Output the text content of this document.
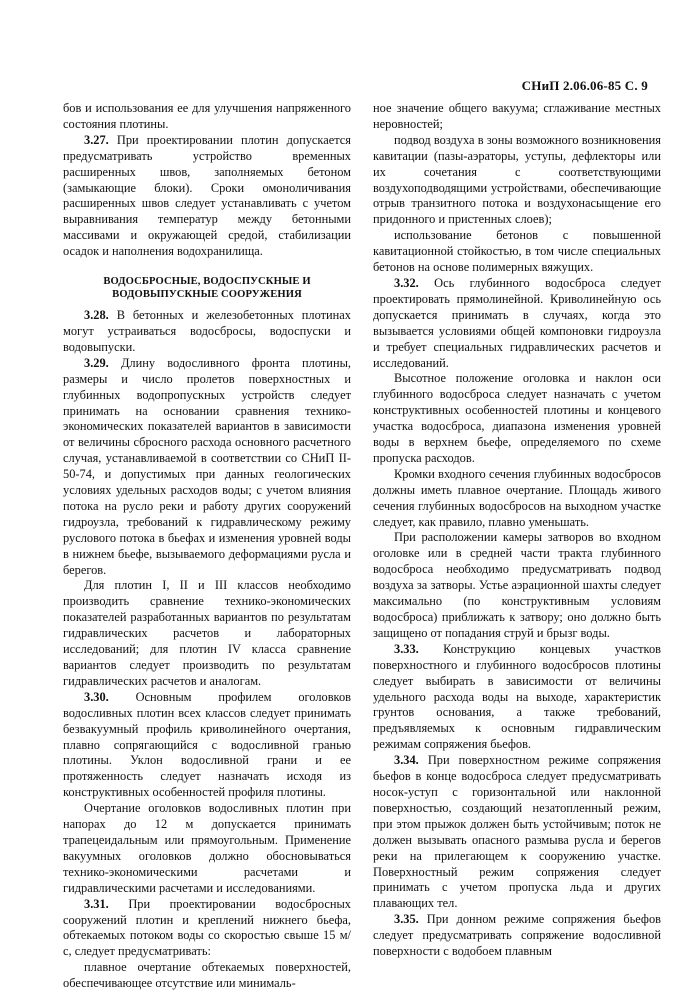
СНиП 2.06.06-85 С. 9

бов и использования ее для улучшения напряженного состояния плотины.

3.27. При проектировании плотин допускается предусматривать устройство временных расширенных швов, заполняемых бетоном (замыкающие блоки). Сроки омоноличивания расширенных швов следует устанавливать с учетом выравнивания температур между бетонными массивами и окружающей средой, стабилизации осадок и наполнения водохранилища.

ВОДОСБРОСНЫЕ, ВОДОСПУСКНЫЕ И ВОДОВЫПУСКНЫЕ СООРУЖЕНИЯ

3.28. В бетонных и железобетонных плотинах могут устраиваться водосбросы, водоспуски и водовыпуски.

3.29. Длину водосливного фронта плотины, размеры и число пролетов поверхностных и глубинных водопропускных устройств следует принимать на основании сравнения технико-экономических показателей вариантов в зависимости от величины сбросного расхода основного расчетного случая, устанавливаемой в соответствии со СНиП II-50-74, и допустимых при данных геологических условиях удельных расходов воды; с учетом влияния потока на русло реки и работу других сооружений гидроузла, требований к гидравлическому режиму руслового потока в бьефах и изменения уровней воды в нижнем бьефе, вызываемого деформациями русла и берегов.

Для плотин I, II и III классов необходимо производить сравнение технико-экономических показателей разработанных вариантов по результатам гидравлических расчетов и лабораторных исследований; для плотин IV класса сравнение вариантов следует производить по результатам гидравлических расчетов и аналогам.

3.30. Основным профилем оголовков водосливных плотин всех классов следует принимать безвакуумный профиль криволинейного очертания, плавно сопрягающийся с водосливной гранью плотины. Уклон водосливной грани и ее протяженность следует назначать исходя из конструктивных особенностей профиля плотины.

Очертание оголовков водосливных плотин при напорах до 12 м допускается принимать трапецеидальным или прямоугольным. Применение вакуумных оголовков должно обосновываться технико-экономическими расчетами и гидравлическими расчетами и исследованиями.

3.31. При проектировании водосбросных сооружений плотин и креплений нижнего бьефа, обтекаемых потоком воды со скоростью свыше 15 м/с, следует предусматривать:

плавное очертание обтекаемых поверхностей, обеспечивающее отсутствие или минималь-

ное значение общего вакуума; сглаживание местных неровностей;

подвод воздуха в зоны возможного возникновения кавитации (пазы-аэраторы, уступы, дефлекторы или их сочетания с соответствующими воздухоподводящими устройствами, обеспечивающие отрыв транзитного потока и воздухонасыщение его придонного и пристенных слоев);

использование бетонов с повышенной кавитационной стойкостью, в том числе специальных бетонов на основе полимерных вяжущих.

3.32. Ось глубинного водосброса следует проектировать прямолинейной. Криволинейную ось допускается принимать в случаях, когда это вызывается условиями общей компоновки гидроузла и требует специальных гидравлических расчетов и исследований.

Высотное положение оголовка и наклон оси глубинного водосброса следует назначать с учетом конструктивных особенностей плотины и концевого участка водосброса, диапазона изменения уровней воды в верхнем бьефе, определяемого по схеме пропуска расходов.

Кромки входного сечения глубинных водосбросов должны иметь плавное очертание. Площадь живого сечения глубинных водосбросов на выходном участке следует, как правило, плавно уменьшать.

При расположении камеры затворов во входном оголовке или в средней части тракта глубинного водосброса необходимо предусматривать подвод воздуха за затворы. Устье аэрационной шахты следует максимально (по конструктивным условиям водосброса) приближать к затвору; оно должно быть защищено от попадания струй и брызг воды.

3.33. Конструкцию концевых участков поверхностного и глубинного водосбросов плотины следует выбирать в зависимости от величины удельного расхода воды на выходе, характеристик грунтов основания, а также требований, предъявляемых к основным гидравлическим режимам сопряжения бьефов.

3.34. При поверхностном режиме сопряжения бьефов в конце водосброса следует предусматривать носок-уступ с горизонтальной или наклонной поверхностью, создающий незатопленный режим, при этом прыжок должен быть устойчивым; поток не должен вызывать опасного размыва русла и берегов реки на прилегающем к сооружению участке. Поверхностный режим сопряжения следует принимать с учетом пропуска льда и других плавающих тел.

3.35. При донном режиме сопряжения бьефов следует предусматривать сопряжение водосливной поверхности с водобоем плавным
